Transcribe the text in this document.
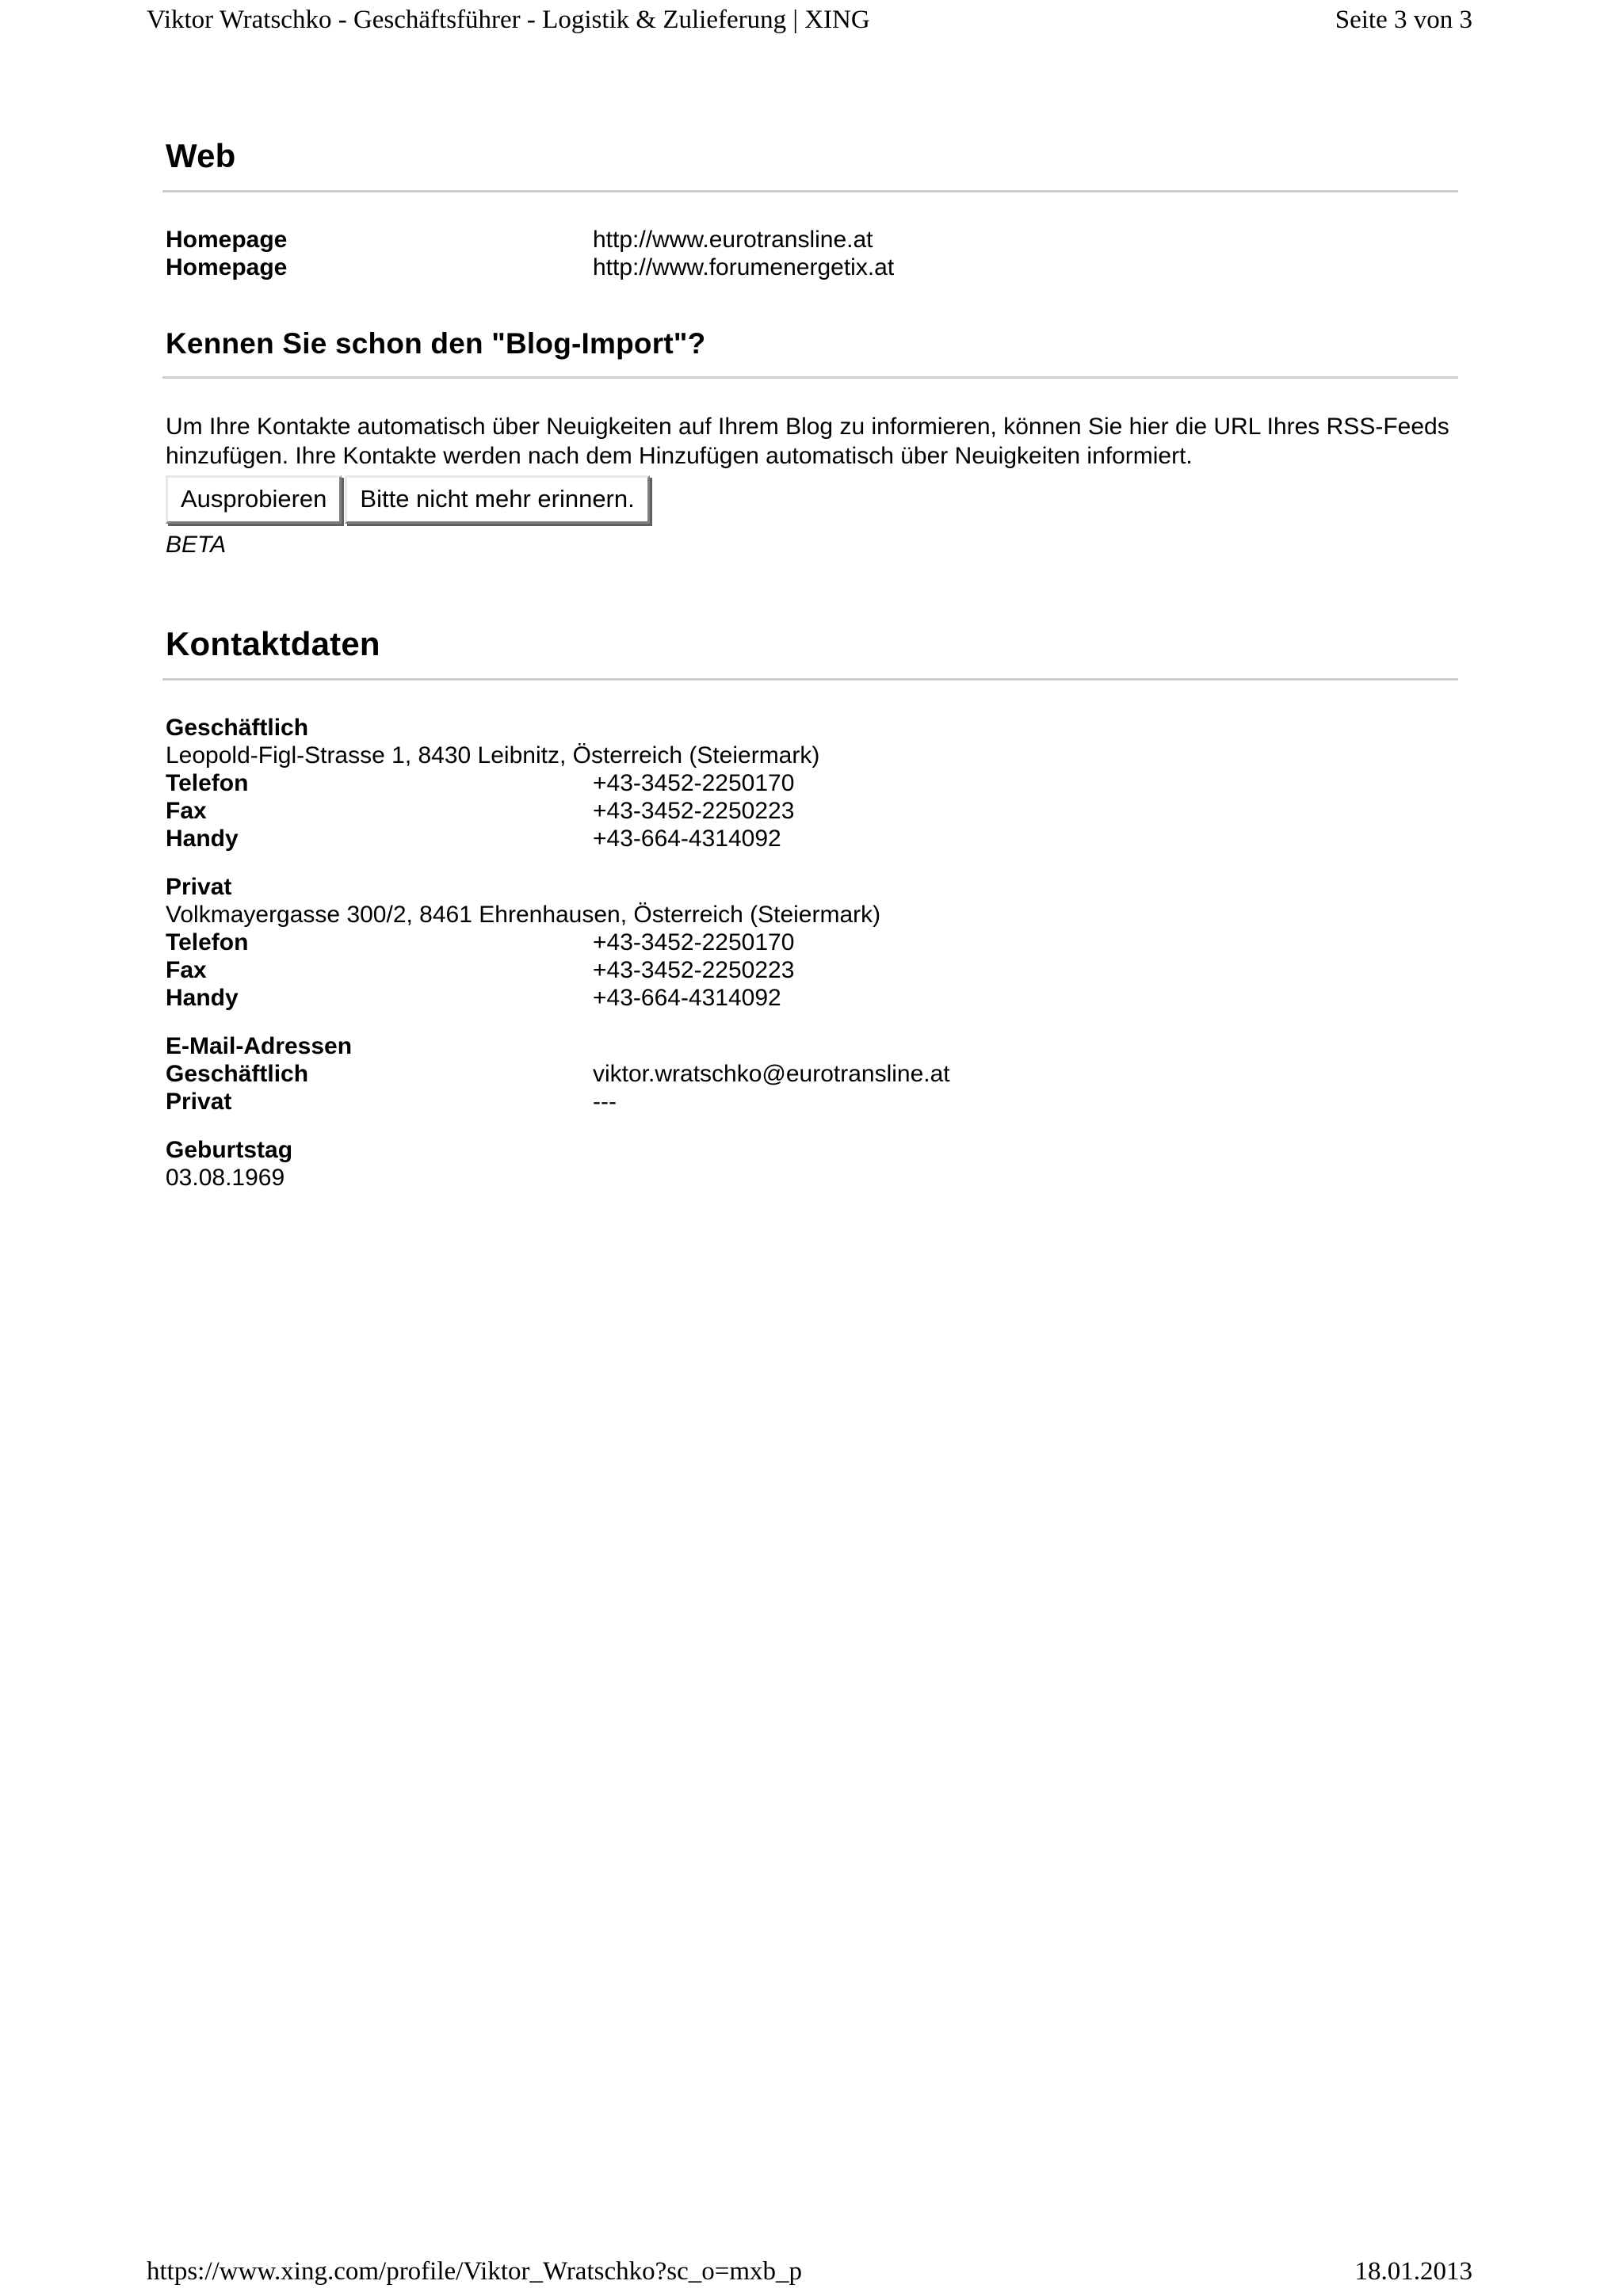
Viktor Wratschko - Geschäftsführer - Logistik & Zulieferung | XING	Seite 3 von 3
Web
Homepage	http://www.eurotransline.at
Homepage	http://www.forumenergetix.at
Kennen Sie schon den "Blog-Import"?

Um Ihre Kontakte automatisch über Neuigkeiten auf Ihrem Blog zu informieren, können Sie hier die URL Ihres RSS-Feeds hinzufügen. Ihre Kontakte werden nach dem Hinzufügen automatisch über Neuigkeiten informiert.

Ausprobieren	Bitte nicht mehr erinnern.
BETA
Kontaktdaten
Geschäftlich
Leopold-Figl-Strasse 1, 8430 Leibnitz, Österreich (Steiermark)
Telefon	+43-3452-2250170
Fax	+43-3452-2250223
Handy	+43-664-4314092
Privat
Volkmayergasse 300/2, 8461 Ehrenhausen, Österreich (Steiermark)
Telefon	+43-3452-2250170
Fax	+43-3452-2250223
Handy	+43-664-4314092
E-Mail-Adressen
Geschäftlich	viktor.wratschko@eurotransline.at
Privat	---
Geburtstag
03.08.1969
https://www.xing.com/profile/Viktor_Wratschko?sc_o=mxb_p	18.01.2013
